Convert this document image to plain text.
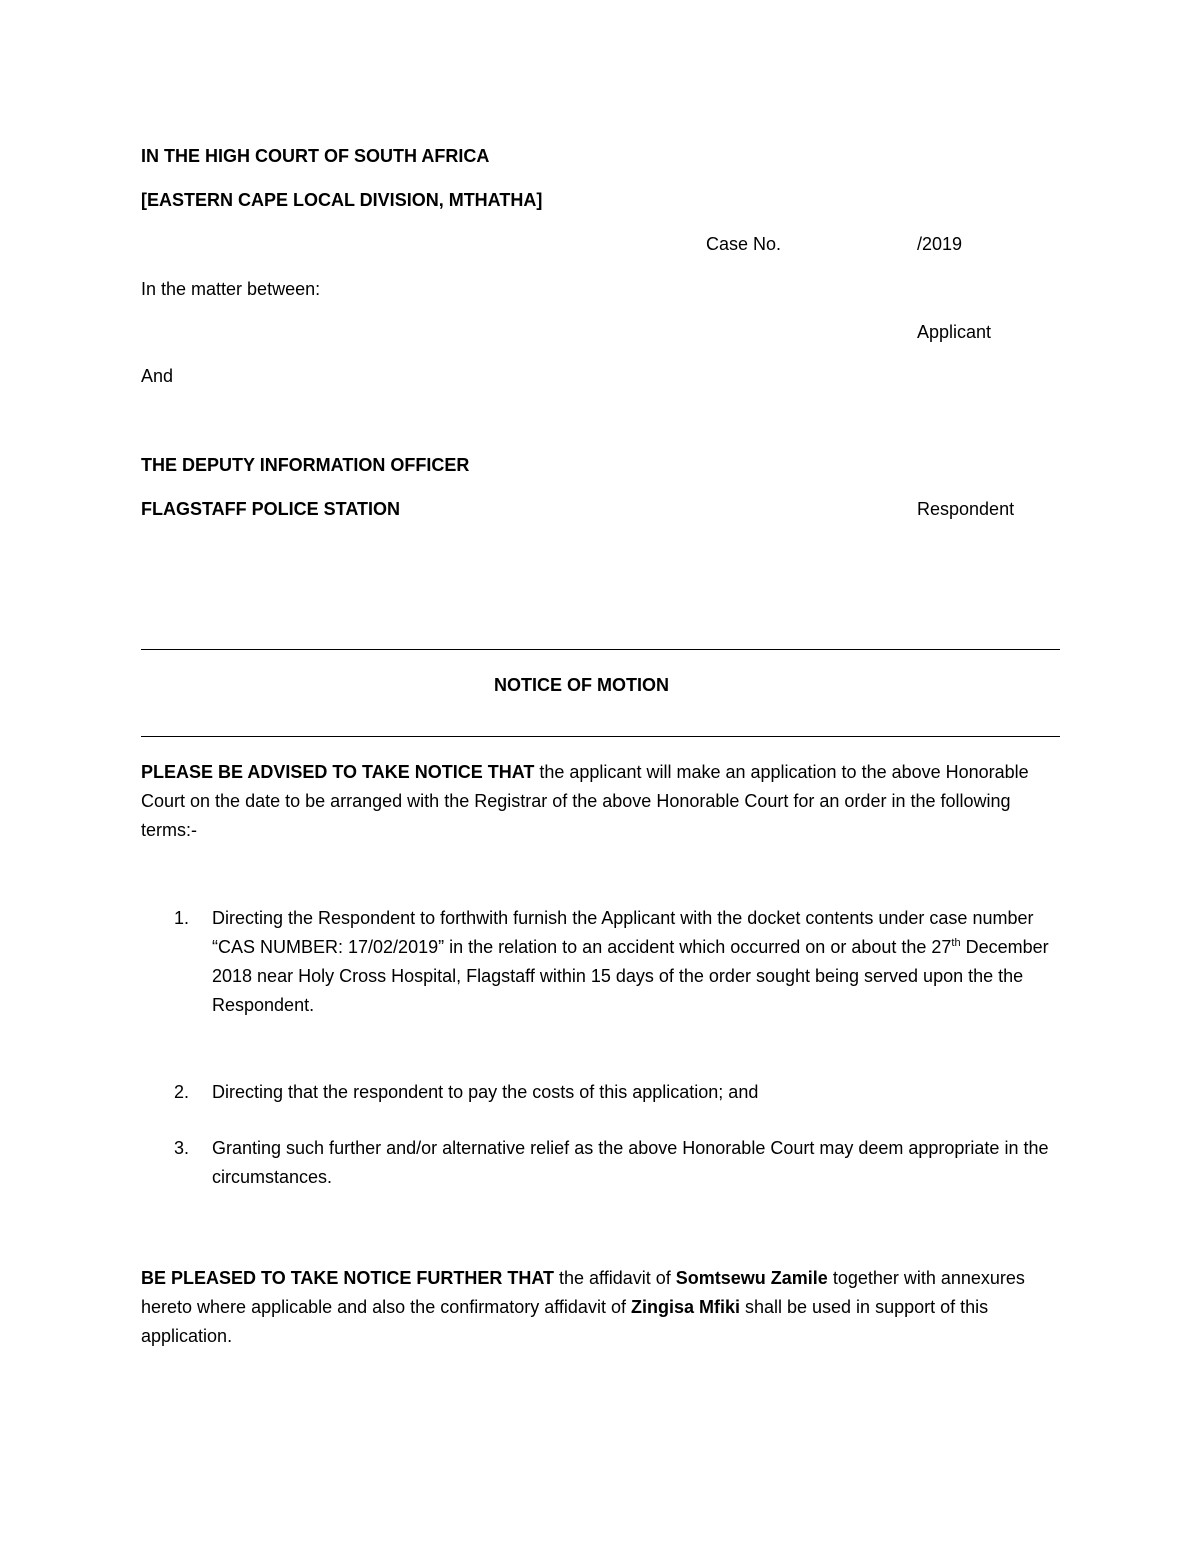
IN THE HIGH COURT OF SOUTH AFRICA
[EASTERN CAPE LOCAL DIVISION, MTHATHA]
Case No.	/2019
In the matter between:
Applicant
And
THE DEPUTY INFORMATION OFFICER
FLAGSTAFF POLICE STATION	Respondent
NOTICE OF MOTION
PLEASE BE ADVISED TO TAKE NOTICE THAT the applicant will make an application to the above Honorable Court on the date to be arranged with the Registrar of the above Honorable Court for an order in the following terms:-
1. Directing the Respondent to forthwith furnish the Applicant with the docket contents under case number “CAS NUMBER: 17/02/2019” in the relation to an accident which occurred on or about the 27th December 2018 near Holy Cross Hospital, Flagstaff within 15 days of the order sought being served upon the the Respondent.
2. Directing that the respondent to pay the costs of this application; and
3. Granting such further and/or alternative relief as the above Honorable Court may deem appropriate in the circumstances.
BE PLEASED TO TAKE NOTICE FURTHER THAT the affidavit of Somtsewu Zamile together with annexures hereto where applicable and also the confirmatory affidavit of Zingisa Mfiki shall be used in support of this application.
